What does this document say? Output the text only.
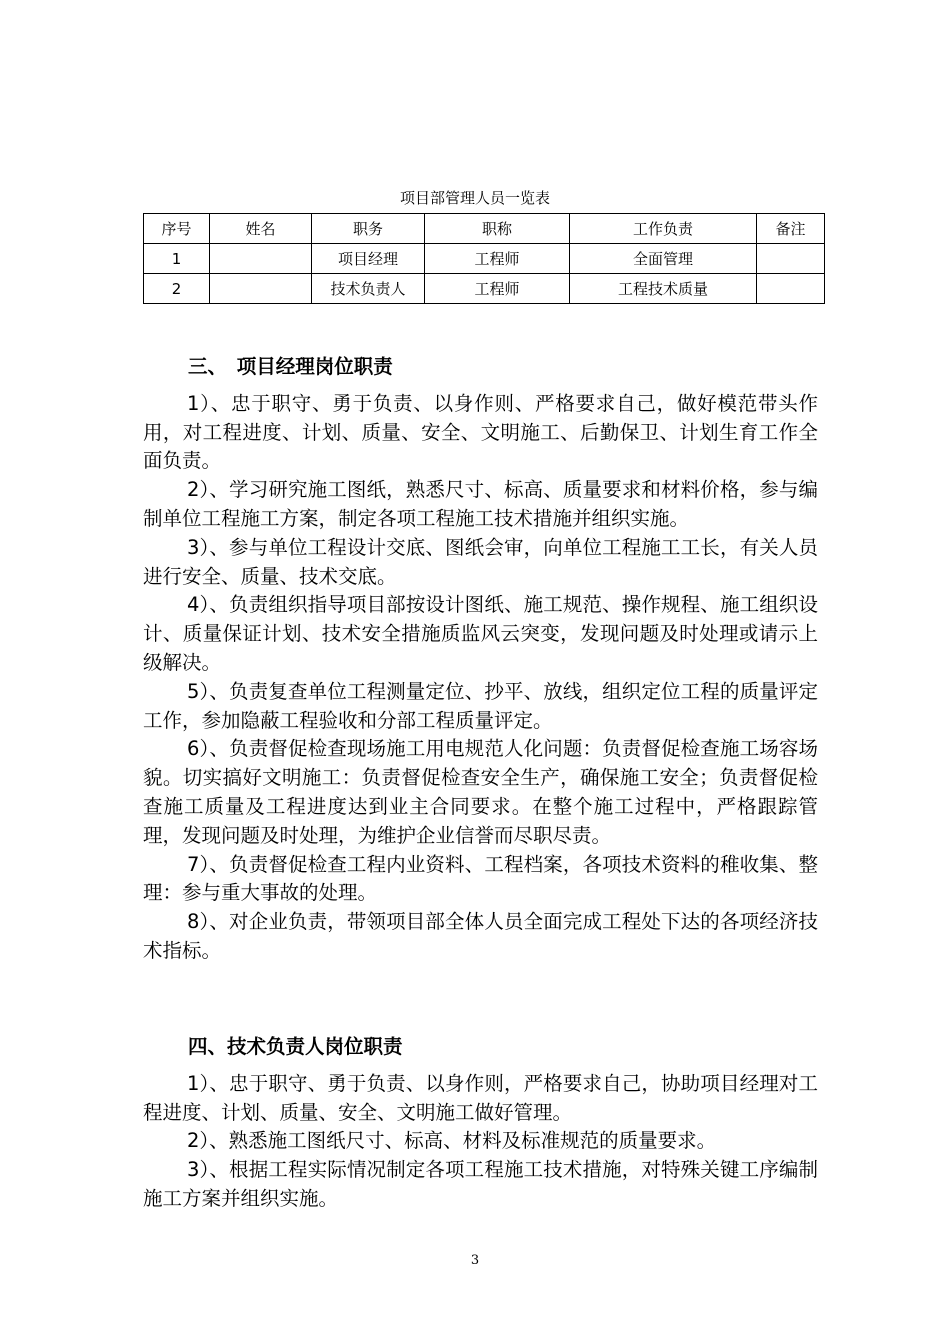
项目部管理人员一览表
序号	姓名	职务	职称	工作负责	备注
1		项目经理	工程师	全面管理	
2		技术负责人	工程师	工程技术质量	
三、　项目经理岗位职责

1）、忠于职守、勇于负责、以身作则、严格要求自己，做好模范带头作用，对工程进度、计划、质量、安全、文明施工、后勤保卫、计划生育工作全面负责。

2）、学习研究施工图纸，熟悉尺寸、标高、质量要求和材料价格，参与编制单位工程施工方案，制定各项工程施工技术措施并组织实施。

3）、参与单位工程设计交底、图纸会审，向单位工程施工工长，有关人员进行安全、质量、技术交底。

4）、负责组织指导项目部按设计图纸、施工规范、操作规程、施工组织设计、质量保证计划、技术安全措施质监风云突变，发现问题及时处理或请示上级解决。

5）、负责复查单位工程测量定位、抄平、放线，组织定位工程的质量评定工作，参加隐蔽工程验收和分部工程质量评定。

6）、负责督促检查现场施工用电规范人化问题：负责督促检查施工场容场貌。切实搞好文明施工：负责督促检查安全生产，确保施工安全；负责督促检查施工质量及工程进度达到业主合同要求。在整个施工过程中，严格跟踪管理，发现问题及时处理，为维护企业信誉而尽职尽责。

7）、负责督促检查工程内业资料、工程档案，各项技术资料的稚收集、整理：参与重大事故的处理。

8）、对企业负责，带领项目部全体人员全面完成工程处下达的各项经济技术指标。

四、技术负责人岗位职责

1）、忠于职守、勇于负责、以身作则，严格要求自己，协助项目经理对工程进度、计划、质量、安全、文明施工做好管理。

2）、熟悉施工图纸尺寸、标高、材料及标准规范的质量要求。

3）、根据工程实际情况制定各项工程施工技术措施，对特殊关键工序编制施工方案并组织实施。

3
